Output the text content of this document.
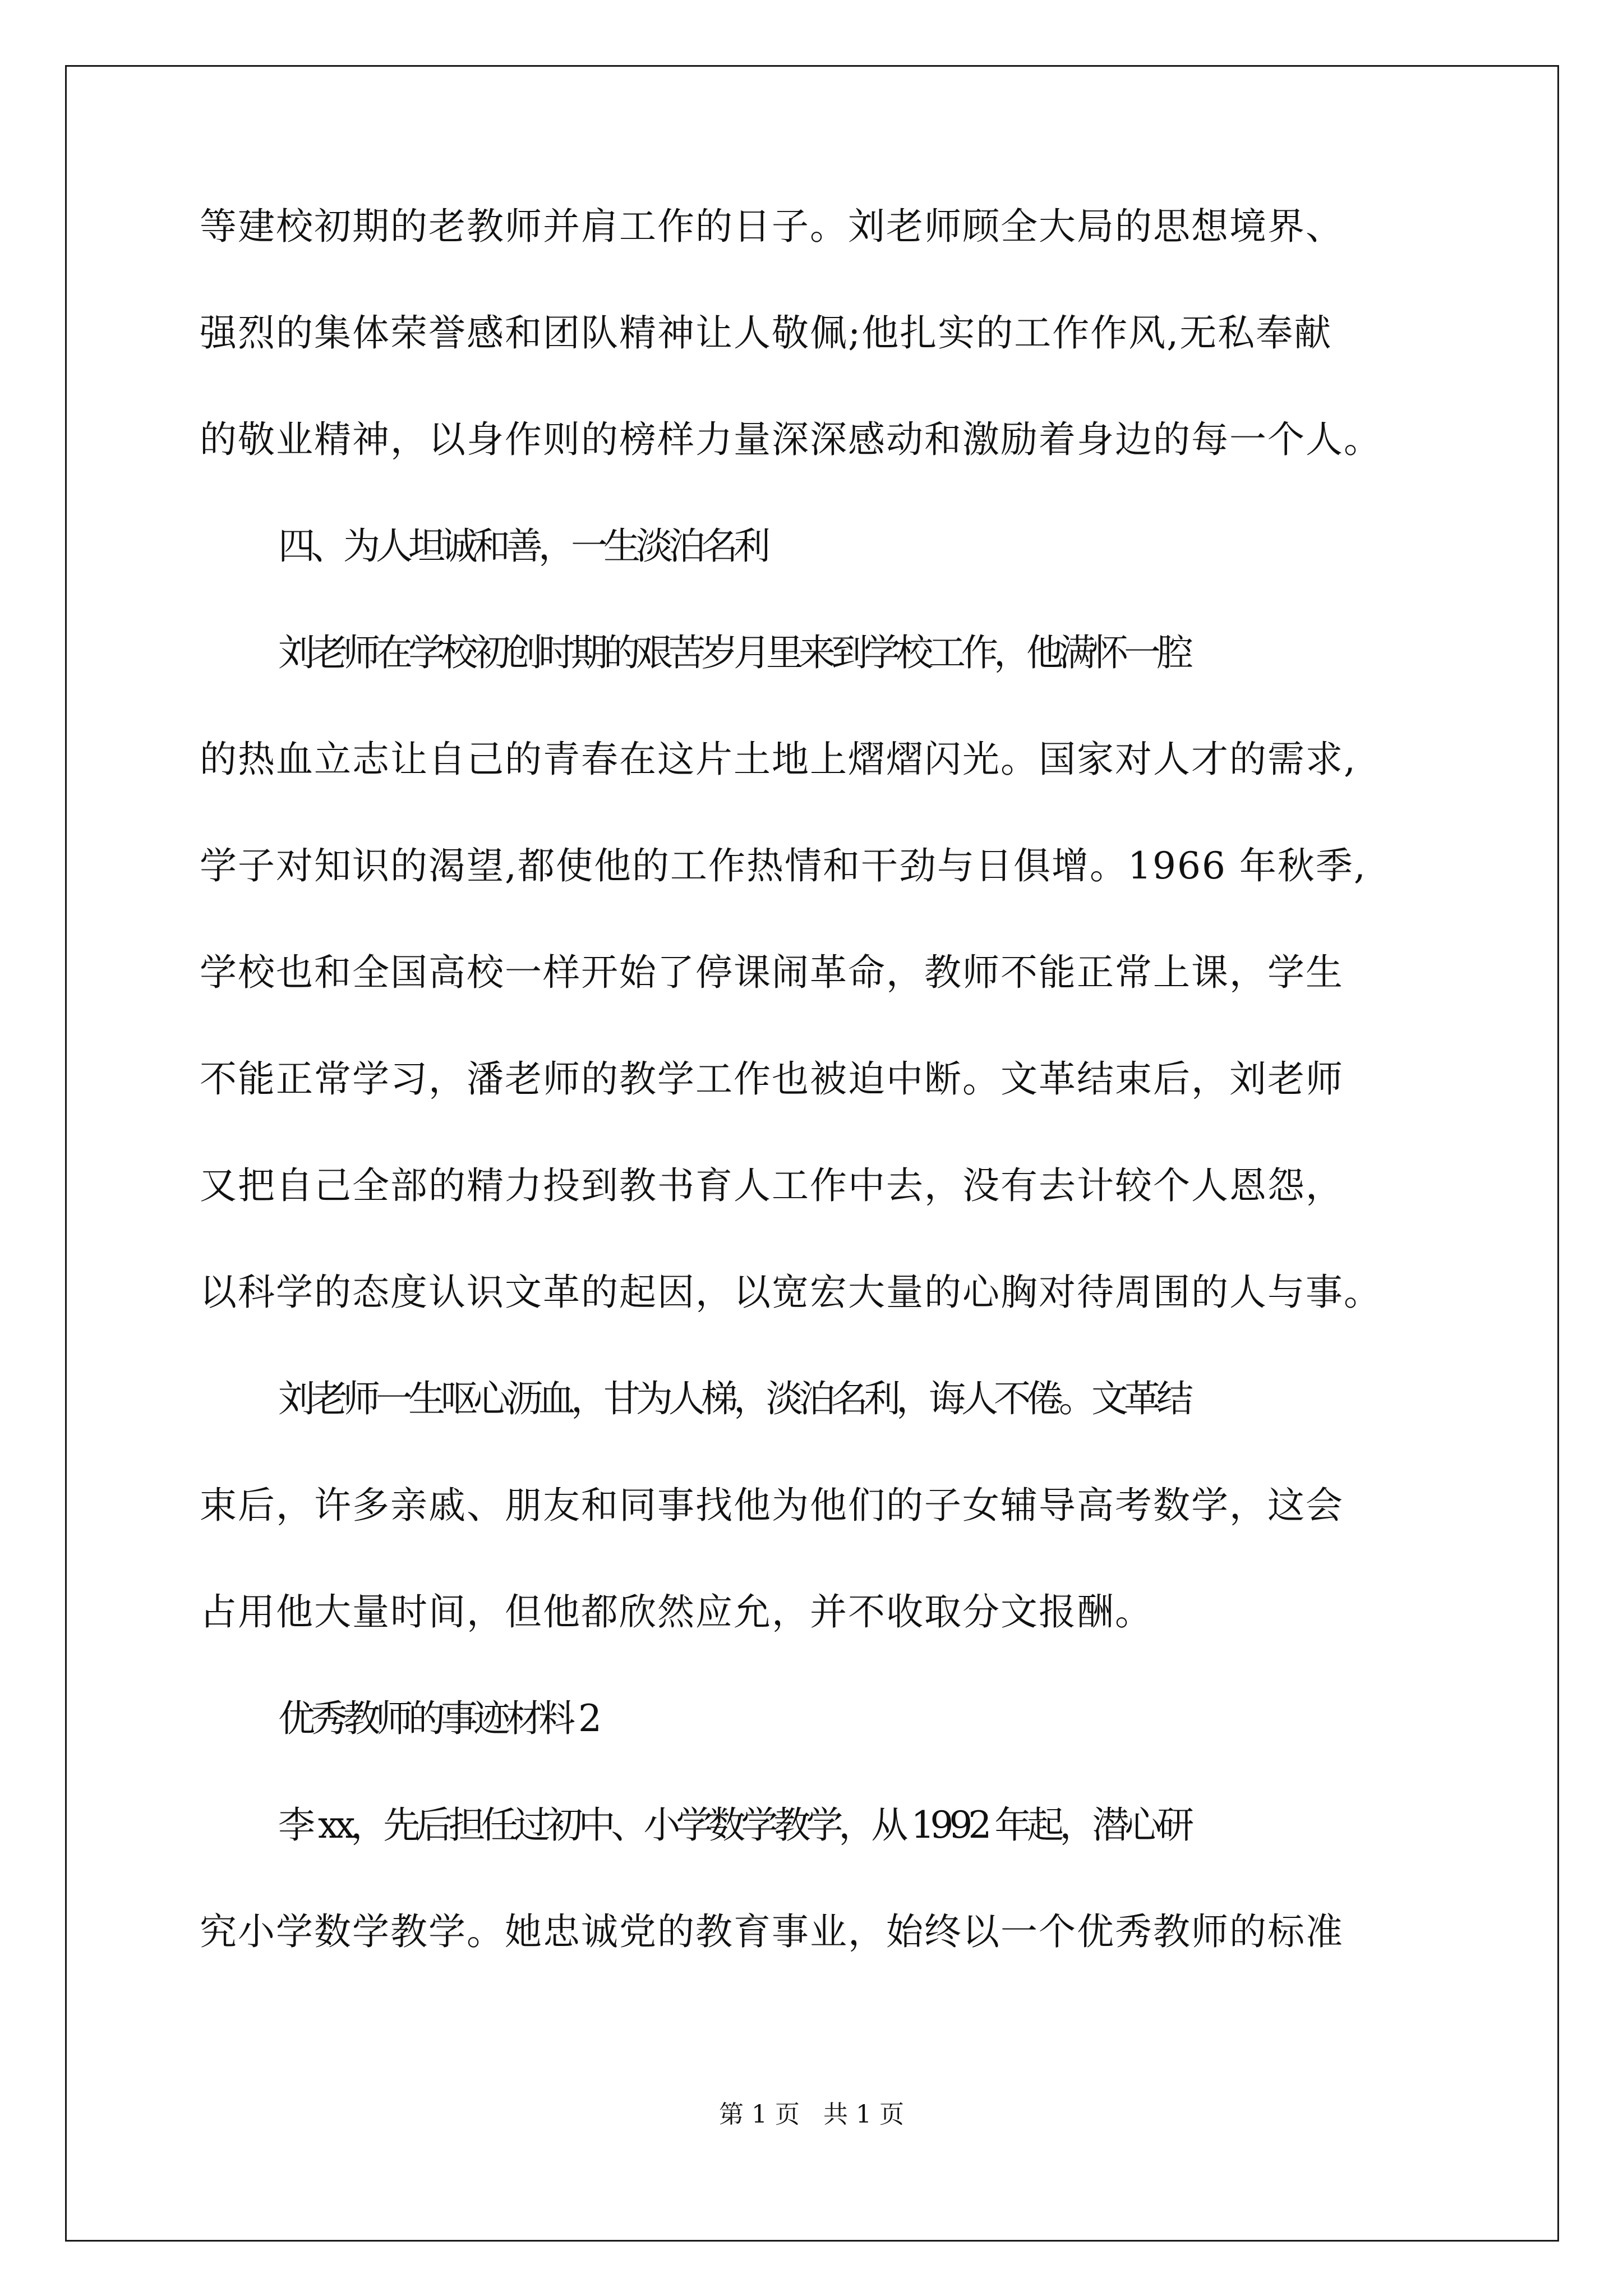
等建校初期的老教师并肩工作的日子。刘老师顾全大局的思想境界、
强烈的集体荣誉感和团队精神让人敬佩;他扎实的工作作风,无私奉献
的敬业精神，以身作则的榜样力量深深感动和激励着身边的每一个人。
四、为人坦诚和善，一生淡泊名利
刘老师在学校初创时期的艰苦岁月里来到学校工作，他满怀一腔
的热血立志让自己的青春在这片土地上熠熠闪光。国家对人才的需求,
学子对知识的渴望,都使他的工作热情和干劲与日俱增。1966 年秋季,
学校也和全国高校一样开始了停课闹革命，教师不能正常上课，学生
不能正常学习，潘老师的教学工作也被迫中断。文革结束后，刘老师
又把自己全部的精力投到教书育人工作中去，没有去计较个人恩怨，
以科学的态度认识文革的起因，以宽宏大量的心胸对待周围的人与事。
刘老师一生呕心沥血，甘为人梯，淡泊名利，诲人不倦。文革结
束后，许多亲戚、朋友和同事找他为他们的子女辅导高考数学，这会
占用他大量时间，但他都欣然应允，并不收取分文报酬。
优秀教师的事迹材料 2
李 xx，先后担任过初中、小学数学教学，从 1992 年起，潜心研
究小学数学教学。她忠诚党的教育事业，始终以一个优秀教师的标准
第 1 页   共 1 页
